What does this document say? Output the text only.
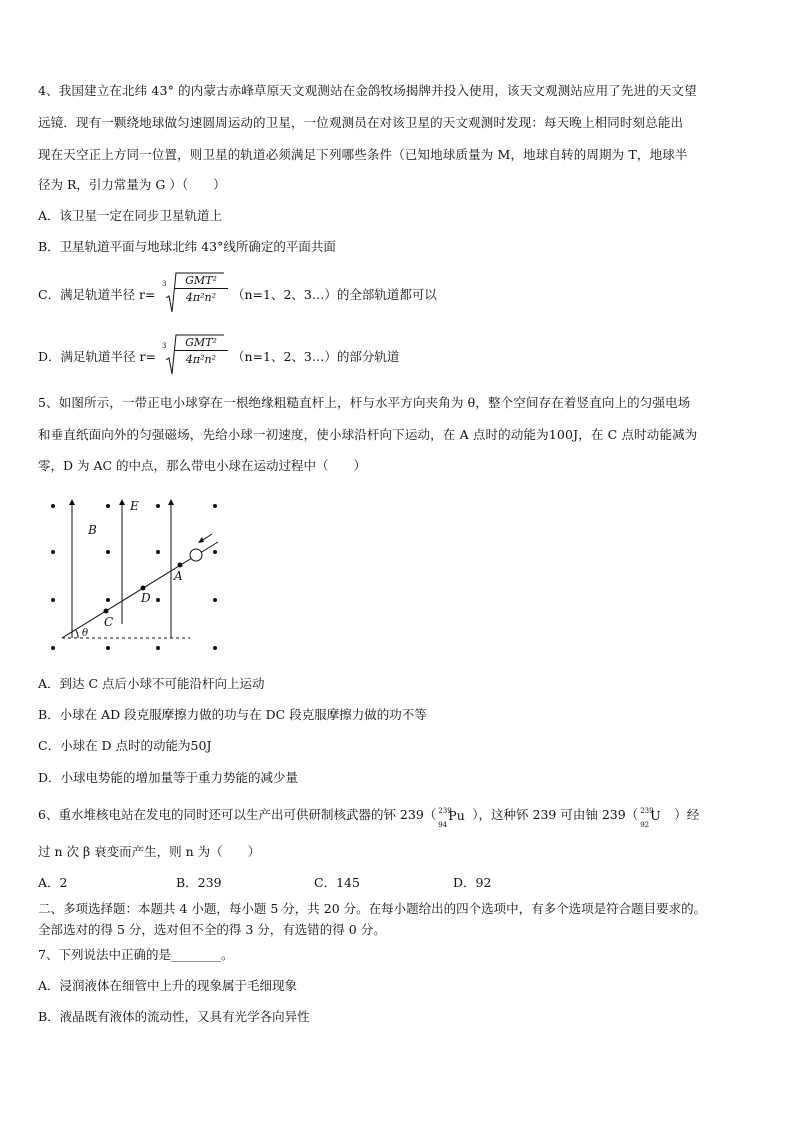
4、我国建立在北纬 43° 的内蒙古赤峰草原天文观测站在金鸽牧场揭牌并投入使用，该天文观测站应用了先进的天文望
远镜．现有一颗绕地球做匀速圆周运动的卫星，一位观测员在对该卫星的天文观测时发现：每天晚上相同时刻总能出
现在天空正上方同一位置，则卫星的轨道必须满足下列哪些条件（已知地球质量为 M，地球自转的周期为 T，地球半
径为 R，引力常量为 G ）（　　）
A．该卫星一定在同步卫星轨道上
B．卫星轨道平面与地球北纬 43°线所确定的平面共面
C．满足轨道半径 r=
3	GMT²
4π²n²	（n=1、2、3…）的全部轨道都可以
D．满足轨道半径 r=
3	GMT²
4π²n²	（n=1、2、3…）的部分轨道
5、如图所示，一带正电小球穿在一根绝缘粗糙直杆上，杆与水平方向夹角为 θ，整个空间存在着竖直向上的匀强电场
和垂直纸面向外的匀强磁场，先给小球一初速度，使小球沿杆向下运动，在 A 点时的动能为100J，在 C 点时动能减为
零，D 为 AC 的中点，那么带电小球在运动过程中（　　）
B
E
A
D
C
θ
A．到达 C 点后小球不可能沿杆向上运动
B．小球在 AD 段克服摩擦力做的功与在 DC 段克服摩擦力做的功不等
C．小球在 D 点时的动能为50J
D．小球电势能的增加量等于重力势能的减少量
6、重水堆核电站在发电的同时还可以生产出可供研制核武器的钚 239（ 239
94
Pu ），这种钚 239 可由铀 239（ 239
92
U ）经
过 n 次 β 衰变而产生，则 n 为（　　）
A．2	B．239	C．145	D．92
二、多项选择题：本题共 4 小题，每小题 5 分，共 20 分。在每小题给出的四个选项中，有多个选项是符合题目要求的。
全部选对的得 5 分，选对但不全的得 3 分，有选错的得 0 分。
7、下列说法中正确的是________。
A．浸润液体在细管中上升的现象属于毛细现象
B．液晶既有液体的流动性，又具有光学各向异性
